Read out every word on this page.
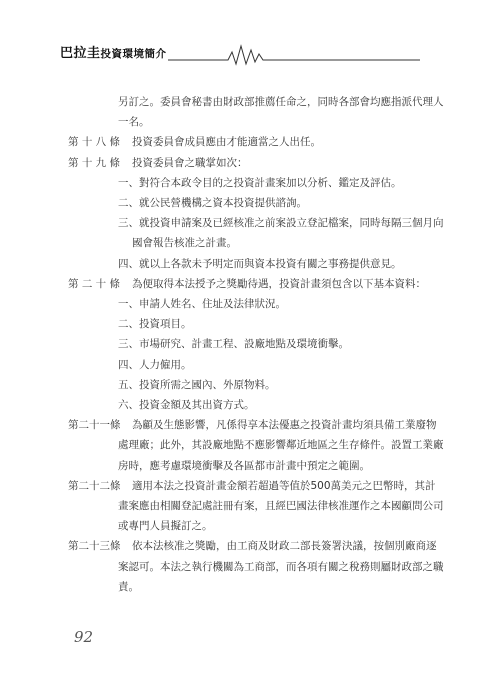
巴拉圭投資環境簡介
另訂之。委員會秘書由財政部推薦任命之，同時各部會均應指派代理人
一名。
第 十 八 條	投資委員會成員應由才能適當之人出任。
第 十 九 條	投資委員會之職掌如次：
一、對符合本政令目的之投資計畫案加以分析、鑑定及評估。
二、就公民營機構之資本投資提供諮詢。
三、就投資申請案及已經核准之前案設立登記檔案，同時每隔三個月向
國會報告核准之計畫。
四、就以上各款未予明定而與資本投資有關之事務提供意見。
第 二 十 條	為便取得本法授予之獎勵待遇，投資計畫須包含以下基本資料：
一、申請人姓名、住址及法律狀況。
二、投資項目。
三、市場研究、計畫工程、設廠地點及環境衝擊。
四、人力僱用。
五、投資所需之國內、外原物料。
六、投資金額及其出資方式。
第二十一條	為顧及生態影響，凡係得享本法優惠之投資計畫均須具備工業廢物
處理廠；此外，其設廠地點不應影響鄰近地區之生存條件。設置工業廠
房時，應考慮環境衝擊及各區都市計畫中預定之範圍。
第二十二條	適用本法之投資計畫金額若超過等值於500萬美元之巴幣時，其計
畫案應由相關登記處註冊有案，且經巴國法律核准運作之本國顧問公司
或專門人員擬訂之。
第二十三條	依本法核准之獎勵，由工商及財政二部長簽署決議，按個別廠商逐
案認可。本法之執行機關為工商部，而各項有關之稅務則屬財政部之職
責。
92
